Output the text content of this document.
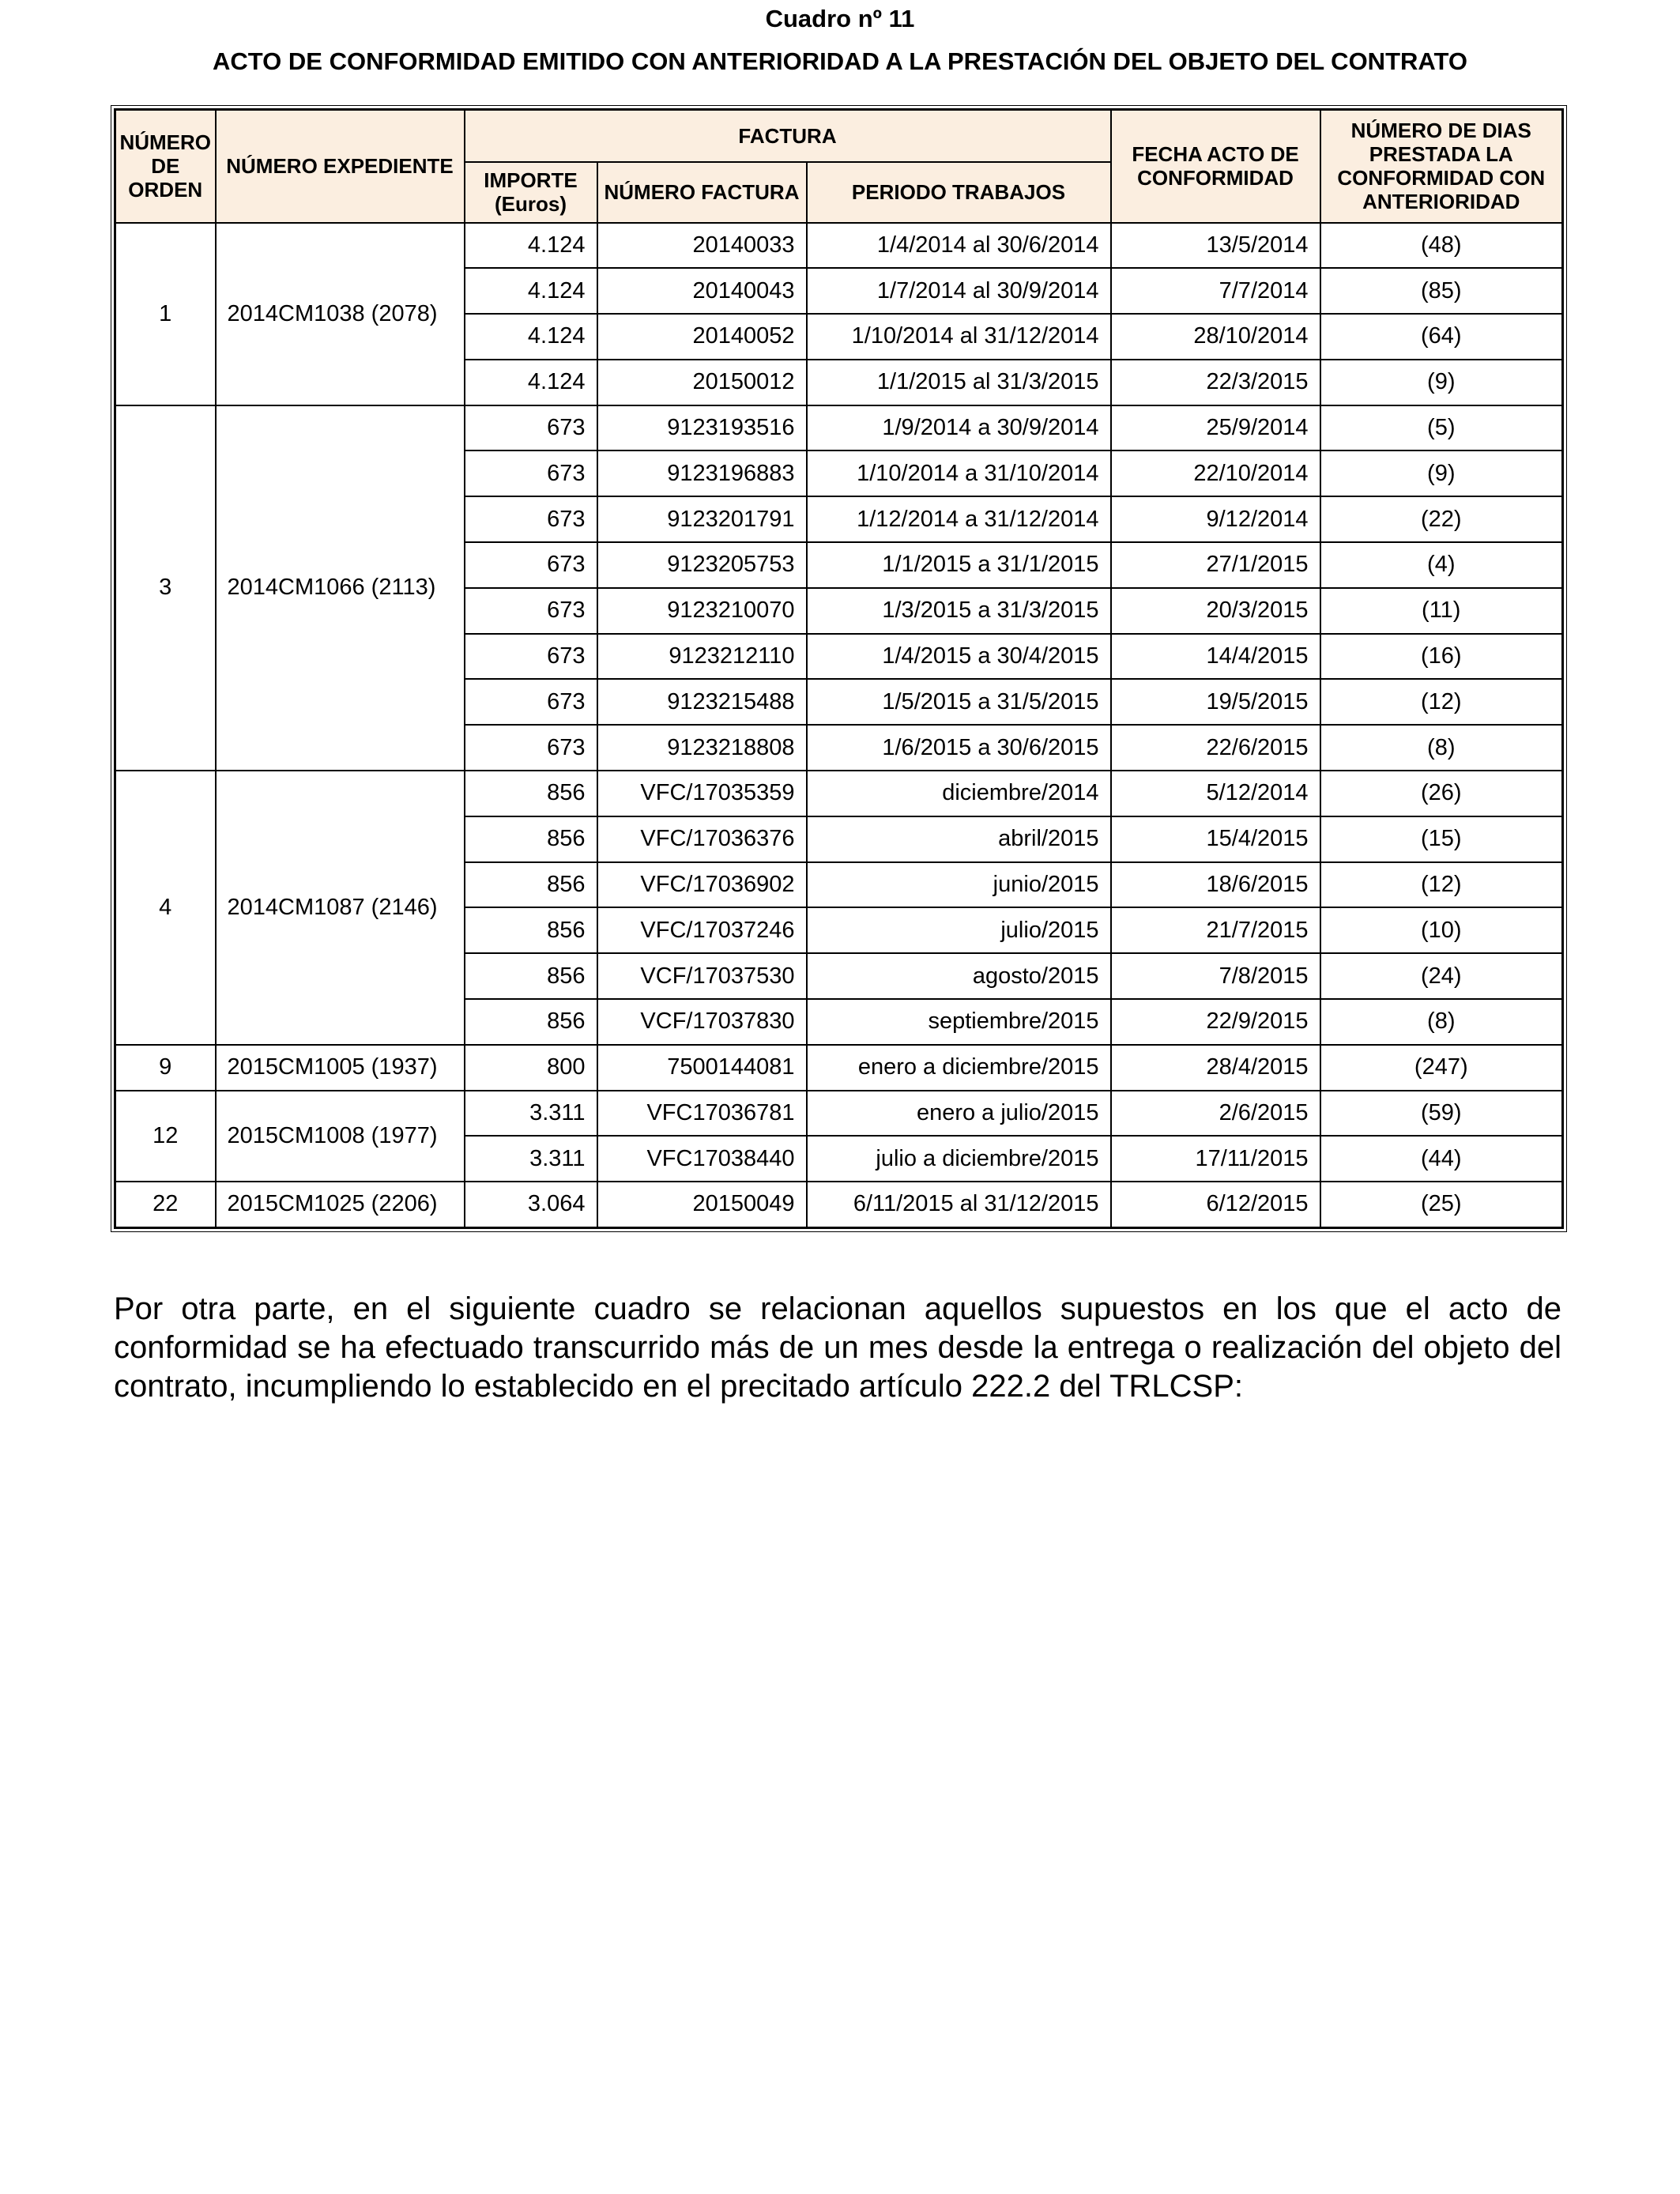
Cuadro nº 11
ACTO DE CONFORMIDAD EMITIDO CON ANTERIORIDAD A LA PRESTACIÓN DEL OBJETO DEL CONTRATO
NÚMERO DE ORDEN	NÚMERO EXPEDIENTE	FACTURA			FECHA ACTO DE CONFORMIDAD	NÚMERO DE DIAS PRESTADA LA CONFORMIDAD CON ANTERIORIDAD
		IMPORTE (Euros)	NÚMERO FACTURA	PERIODO TRABAJOS		
1	2014CM1038 (2078)	4.124	20140033	1/4/2014 al 30/6/2014	13/5/2014	(48)
		4.124	20140043	1/7/2014 al 30/9/2014	7/7/2014	(85)
		4.124	20140052	1/10/2014 al 31/12/2014	28/10/2014	(64)
		4.124	20150012	1/1/2015 al 31/3/2015	22/3/2015	(9)
3	2014CM1066 (2113)	673	9123193516	1/9/2014 a 30/9/2014	25/9/2014	(5)
		673	9123196883	1/10/2014 a 31/10/2014	22/10/2014	(9)
		673	9123201791	1/12/2014 a 31/12/2014	9/12/2014	(22)
		673	9123205753	1/1/2015 a 31/1/2015	27/1/2015	(4)
		673	9123210070	1/3/2015 a 31/3/2015	20/3/2015	(11)
		673	9123212110	1/4/2015 a 30/4/2015	14/4/2015	(16)
		673	9123215488	1/5/2015 a 31/5/2015	19/5/2015	(12)
		673	9123218808	1/6/2015 a 30/6/2015	22/6/2015	(8)
4	2014CM1087 (2146)	856	VFC/17035359	diciembre/2014	5/12/2014	(26)
		856	VFC/17036376	abril/2015	15/4/2015	(15)
		856	VFC/17036902	junio/2015	18/6/2015	(12)
		856	VFC/17037246	julio/2015	21/7/2015	(10)
		856	VCF/17037530	agosto/2015	7/8/2015	(24)
		856	VCF/17037830	septiembre/2015	22/9/2015	(8)
9	2015CM1005 (1937)	800	7500144081	enero a diciembre/2015	28/4/2015	(247)
12	2015CM1008 (1977)	3.311	VFC17036781	enero a julio/2015	2/6/2015	(59)
		3.311	VFC17038440	julio a diciembre/2015	17/11/2015	(44)
22	2015CM1025 (2206)	3.064	20150049	6/11/2015 al 31/12/2015	6/12/2015	(25)
Por otra parte, en el siguiente cuadro se relacionan aquellos supuestos en los que el acto de conformidad se ha efectuado transcurrido más de un mes desde la entrega o realización del objeto del contrato, incumpliendo lo establecido en el precitado artículo 222.2 del TRLCSP:
